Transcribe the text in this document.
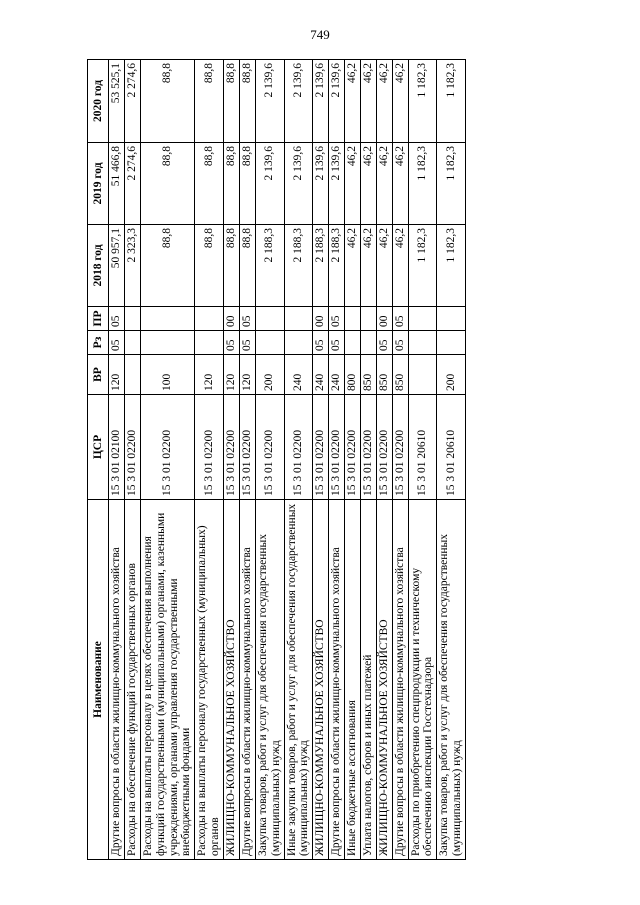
749
Наименование	ЦСР	ВР	Рз	ПР	2018 год	2019 год	2020 год
Другие вопросы в области жилищно-коммунального хозяйства	15 3 01 02100	120	05	05	50 957,1	51 466,8	53 525,1
Расходы на обеспечение функций государственных органов	15 3 01 02200				2 323,3	2 274,6	2 274,6
Расходы на выплаты персоналу в целях обеспечения выполнения функций государственными (муниципальными) органами, казенными учреждениями, органами управления государственными внебюджетными фондами	15 3 01 02200	100			88,8	88,8	88,8
Расходы на выплаты персоналу государственных (муниципальных) органов	15 3 01 02200	120			88,8	88,8	88,8
ЖИЛИЩНО-КОММУНАЛЬНОЕ ХОЗЯЙСТВО	15 3 01 02200	120	05	00	88,8	88,8	88,8
Другие вопросы в области жилищно-коммунального хозяйства	15 3 01 02200	120	05	05	88,8	88,8	88,8
Закупка товаров, работ и услуг для обеспечения государственных (муниципальных) нужд	15 3 01 02200	200			2 188,3	2 139,6	2 139,6
Иные закупки товаров, работ и услуг для обеспечения государственных (муниципальных) нужд	15 3 01 02200	240			2 188,3	2 139,6	2 139,6
ЖИЛИЩНО-КОММУНАЛЬНОЕ ХОЗЯЙСТВО	15 3 01 02200	240	05	00	2 188,3	2 139,6	2 139,6
Другие вопросы в области жилищно-коммунального хозяйства	15 3 01 02200	240	05	05	2 188,3	2 139,6	2 139,6
Иные бюджетные ассигнования	15 3 01 02200	800			46,2	46,2	46,2
Уплата налогов, сборов и иных платежей	15 3 01 02200	850			46,2	46,2	46,2
ЖИЛИЩНО-КОММУНАЛЬНОЕ ХОЗЯЙСТВО	15 3 01 02200	850	05	00	46,2	46,2	46,2
Другие вопросы в области жилищно-коммунального хозяйства	15 3 01 02200	850	05	05	46,2	46,2	46,2
Расходы по приобретению спецпродукции и техническому обеспечению инспекции Госстехнадзора	15 3 01 20610				1 182,3	1 182,3	1 182,3
Закупка товаров, работ и услуг для обеспечения государственных (муниципальных) нужд	15 3 01 20610	200			1 182,3	1 182,3	1 182,3
